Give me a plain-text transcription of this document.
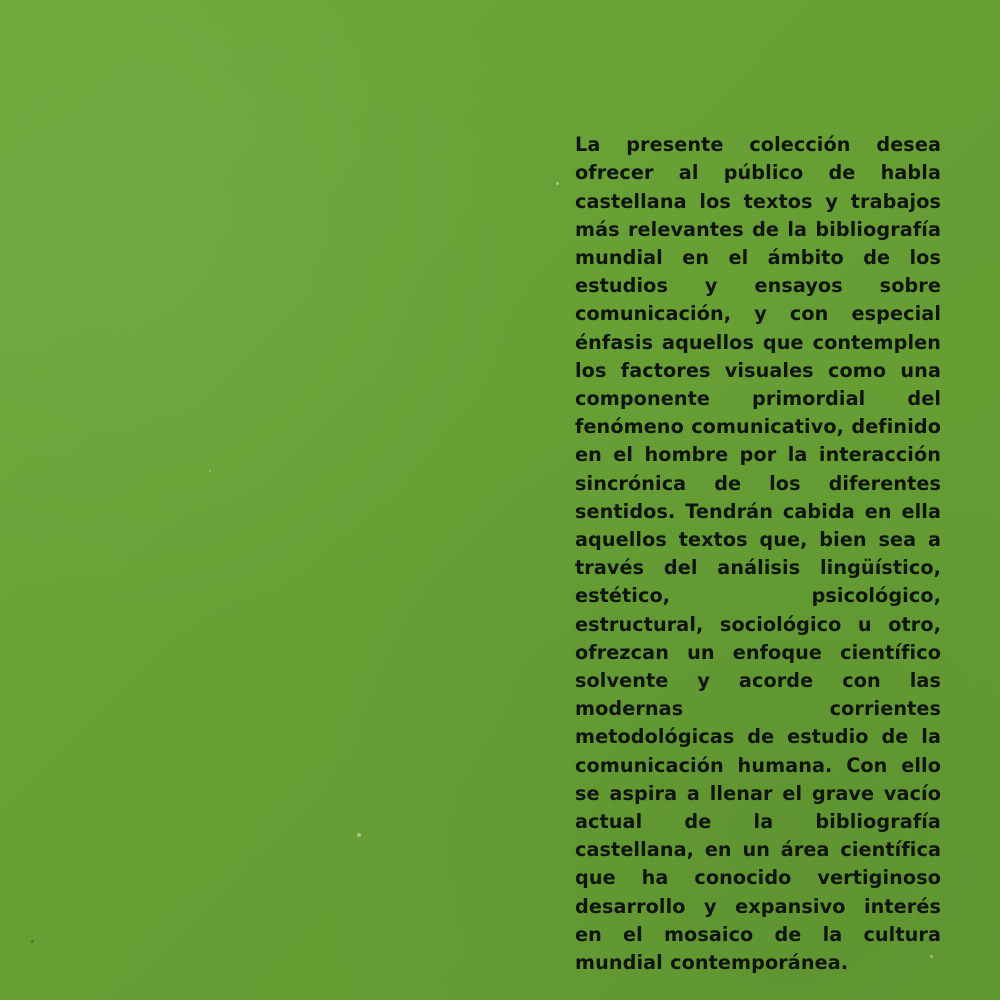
La presente colección desea ofrecer al público de habla castellana los textos y trabajos más relevantes de la bibliografía mundial en el ámbito de los estudios y ensayos sobre comunicación, y con especial énfasis aquellos que contemplen los factores visuales como una componente primordial del fenómeno comunicativo, definido en el hombre por la interacción sincrónica de los diferentes sentidos. Tendrán cabida en ella aquellos textos que, bien sea a través del análisis lingüístico, estético, psicológico, estructural, sociológico u otro, ofrezcan un enfoque científico solvente y acorde con las modernas corrientes metodológicas de estudio de la comunicación humana. Con ello se aspira a llenar el grave vacío actual de la bibliografía castellana, en un área científica que ha conocido vertiginoso desarrollo y expansivo interés en el mosaico de la cultura mundial contemporánea.
